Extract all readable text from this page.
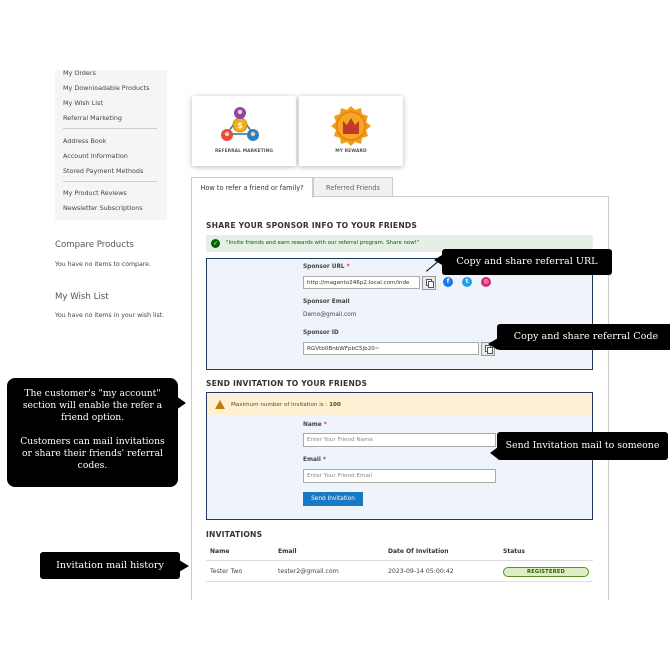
My Orders
My Downloadable Products
My Wish List
Referral Marketing
Address Book
Account Information
Stored Payment Methods
My Product Reviews
Newsletter Subscriptions
Compare Products
You have no items to compare.
My Wish List
You have no items in your wish list.
$
REFERRAL MARKETING	MY REWARD
How to refer a friend or family?	Referred Friends
SHARE YOUR SPONSOR INFO TO YOUR FRIENDS
✓	"Invite friends and earn rewards with our referral program. Share now!"
Sponsor URL *
http://magento246p2.local.com/inde
f	t	◎
Sponsor Email
Demo@gmail.com
Sponsor ID
RGVtb0BnbWFpbC5jb20~
SEND INVITATION TO YOUR FRIENDS
Maximum number of invitation is : 100
Name *
Enter Your Friend Name
Email *
Enter Your Friend Email
Send Invitation
INVITATIONS
Name	Email	Date Of Invitation	Status
Tester Two	tester2@gmail.com	2023-09-14 05:00:42	REGISTERED
Copy and share referral URL
Copy and share referral Code
The customer's "my account"
section will enable the refer a
friend option.
Customers can mail invitations
or share their friends' referral
codes.
Send Invitation mail to someone
Invitation mail history
